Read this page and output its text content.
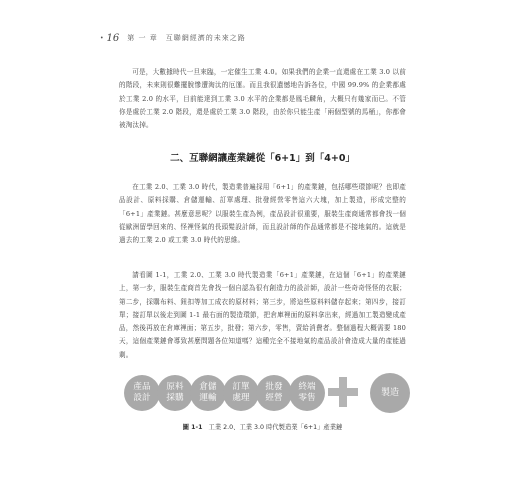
• 16 第 一 章 互聯網經濟的未來之路

可是，大數據時代一旦來臨，一定催生工業 4.0。如果我們的企業一直還處在工業 3.0 以前的階段，未來則很難擺脫慘遭淘汰的厄運。而且我很遺憾地告訴各位，中國 99.9% 的企業都處於工業 2.0 的水平，目前能達到工業 3.0 水平的企業都是鳳毛麟角，大概只有幾家而已。不管你是處於工業 2.0 階段，還是處於工業 3.0 階段，由於你只能生產「兩個型號的馬桶」，你都會被淘汰掉。

二、互聯網讓產業鏈從「6+1」到「4+0」

在工業 2.0、工業 3.0 時代，製造業普遍採用「6+1」的產業鏈，包括哪些環節呢？也即產品設計、原料採購、倉儲運輸、訂單處理、批發經營零售這六大塊，加上製造，形成完整的「6+1」產業鏈。甚麼意思呢？以服裝生產為例，產品設計很重要，服裝生產商通常都會找一個從歐洲留學回來的、怪裡怪氣的長頭髮設計師，而且設計師的作品通常都是不接地氣的。這就是過去的工業 2.0 或工業 3.0 時代的思維。

請看圖 1-1，工業 2.0、工業 3.0 時代製造業「6+1」產業鏈，在這個「6+1」的產業鏈上，第一步，服裝生產商首先會找一個自認為很有創造力的設計師，設計一些奇奇怪怪的衣服；第二步，採購布料、鈕扣等加工成衣的原材料；第三步，將這些原料料儲存起來；第四步，接訂單；接訂單以後走到圖 1-1 最右面的製造環節，把倉庫裡面的原料拿出來，經過加工製造變成產品，然後再放在倉庫裡面；第五步，批發；第六步，零售，賣給消費者。整個過程大概需要 180 天，這個產業鏈會導致甚麼問題各位知道嗎？這種完全不接地氣的產品設計會造成大量的產能過剩。

產品
設計
原料
採購
倉儲
運輸
訂單
處理
批發
經營
終端
零售
製造

圖 1-1 工業 2.0、工業 3.0 時代製造業「6+1」產業鏈
